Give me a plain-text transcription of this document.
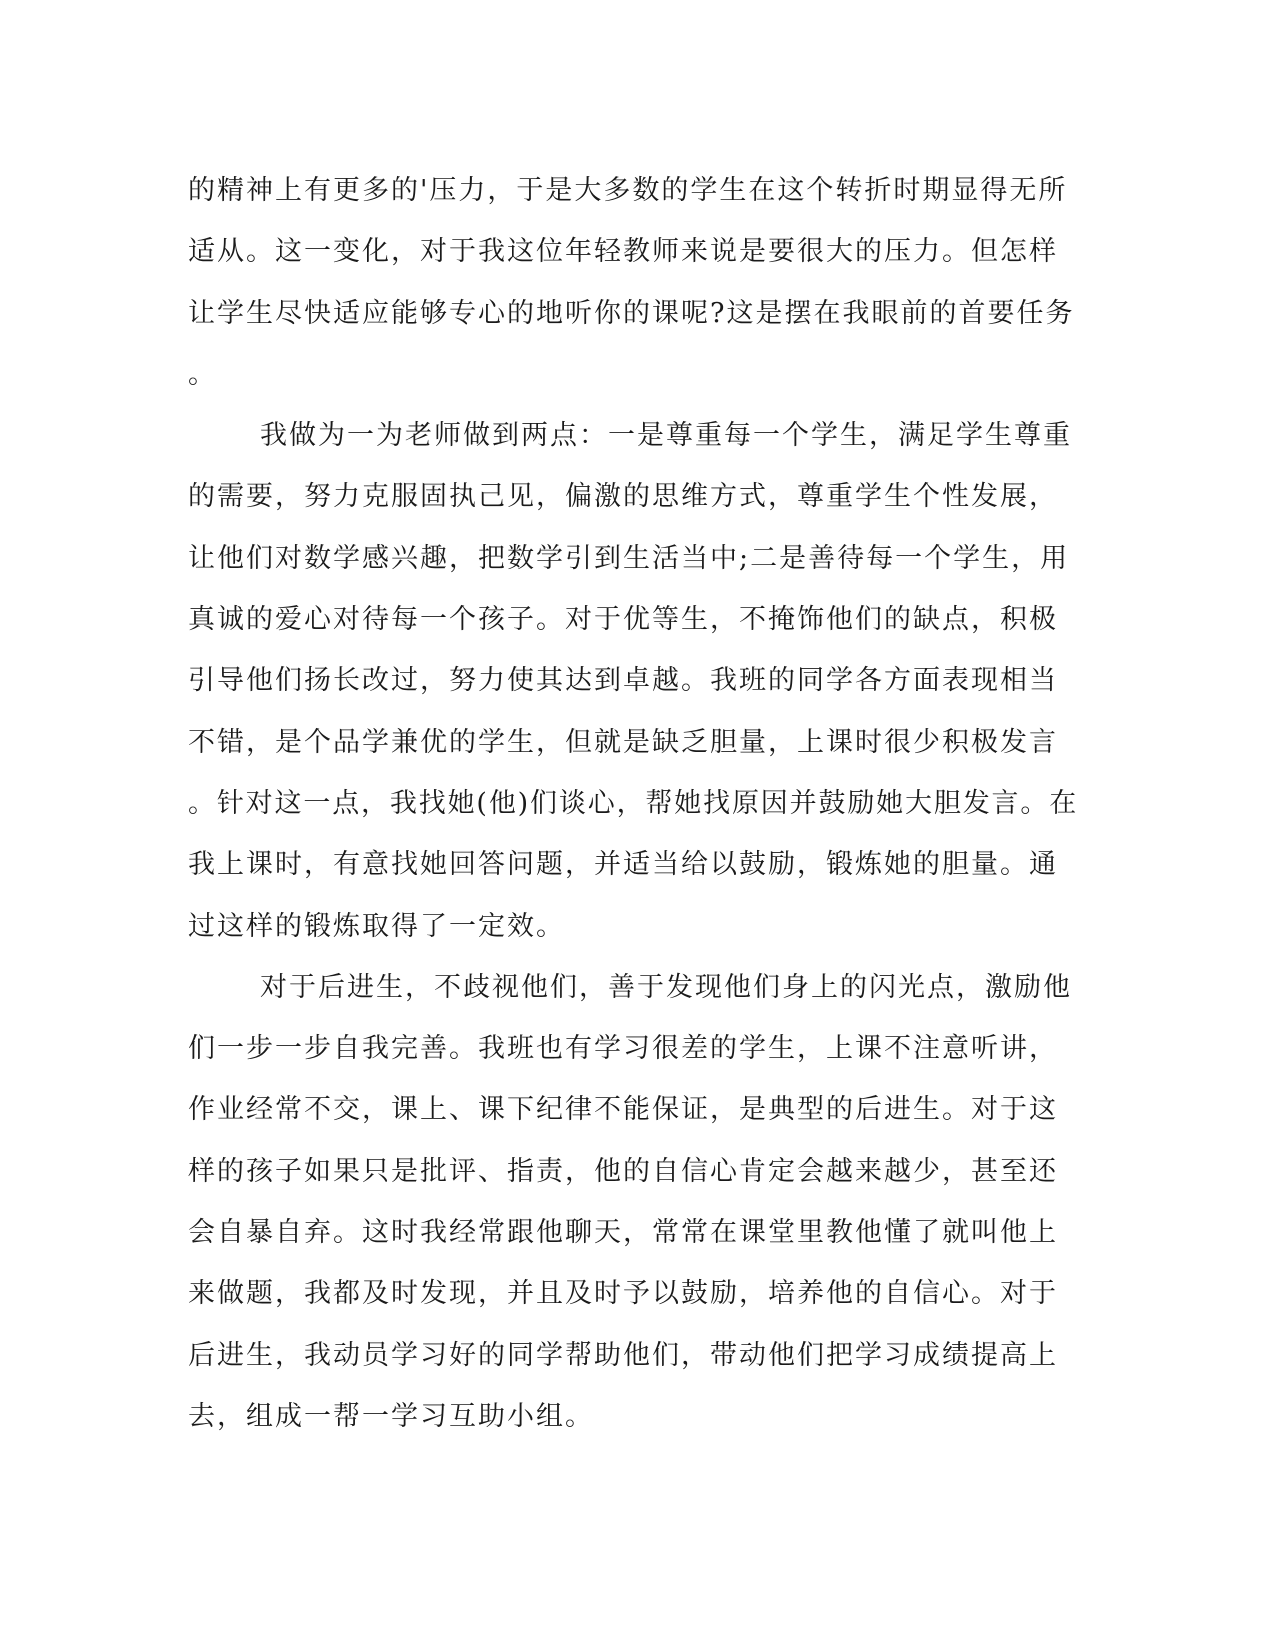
的精神上有更多的'压力，于是大多数的学生在这个转折时期显得无所
适从。这一变化，对于我这位年轻教师来说是要很大的压力。但怎样
让学生尽快适应能够专心的地听你的课呢?这是摆在我眼前的首要任务
。
我做为一为老师做到两点：一是尊重每一个学生，满足学生尊重
的需要，努力克服固执己见，偏激的思维方式，尊重学生个性发展，
让他们对数学感兴趣，把数学引到生活当中;二是善待每一个学生，用
真诚的爱心对待每一个孩子。对于优等生，不掩饰他们的缺点，积极
引导他们扬长改过，努力使其达到卓越。我班的同学各方面表现相当
不错，是个品学兼优的学生，但就是缺乏胆量，上课时很少积极发言
。针对这一点，我找她(他)们谈心，帮她找原因并鼓励她大胆发言。在
我上课时，有意找她回答问题，并适当给以鼓励，锻炼她的胆量。通
过这样的锻炼取得了一定效。
对于后进生，不歧视他们，善于发现他们身上的闪光点，激励他
们一步一步自我完善。我班也有学习很差的学生，上课不注意听讲，
作业经常不交，课上、课下纪律不能保证，是典型的后进生。对于这
样的孩子如果只是批评、指责，他的自信心肯定会越来越少，甚至还
会自暴自弃。这时我经常跟他聊天，常常在课堂里教他懂了就叫他上
来做题，我都及时发现，并且及时予以鼓励，培养他的自信心。对于
后进生，我动员学习好的同学帮助他们，带动他们把学习成绩提高上
去，组成一帮一学习互助小组。
